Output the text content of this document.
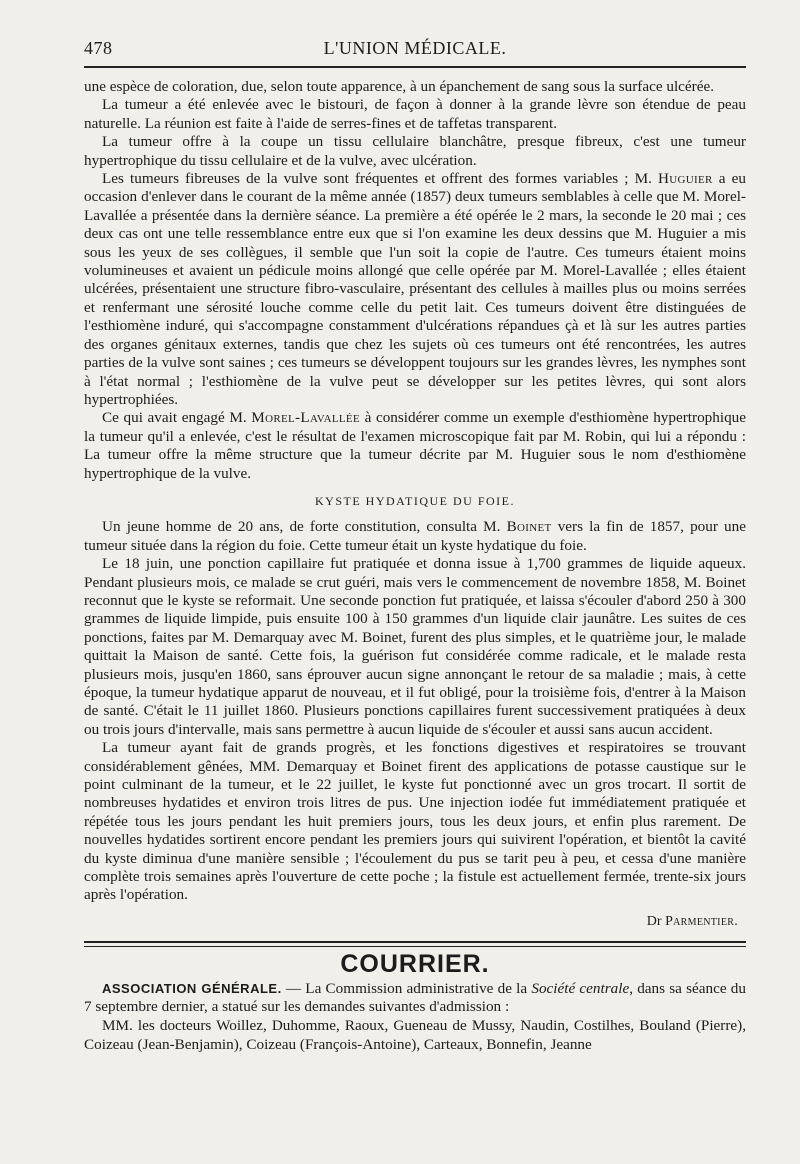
478	L'UNION MÉDICALE.

une espèce de coloration, due, selon toute apparence, à un épanchement de sang sous la surface ulcérée.

La tumeur a été enlevée avec le bistouri, de façon à donner à la grande lèvre son étendue de peau naturelle. La réunion est faite à l'aide de serres-fines et de taffetas transparent.

La tumeur offre à la coupe un tissu cellulaire blanchâtre, presque fibreux, c'est une tumeur hypertrophique du tissu cellulaire et de la vulve, avec ulcération.

Les tumeurs fibreuses de la vulve sont fréquentes et offrent des formes variables ; M. Huguier a eu occasion d'enlever dans le courant de la même année (1857) deux tumeurs semblables à celle que M. Morel-Lavallée a présentée dans la dernière séance. La première a été opérée le 2 mars, la seconde le 20 mai ; ces deux cas ont une telle ressemblance entre eux que si l'on examine les deux dessins que M. Huguier a mis sous les yeux de ses collègues, il semble que l'un soit la copie de l'autre. Ces tumeurs étaient moins volumineuses et avaient un pédicule moins allongé que celle opérée par M. Morel-Lavallée ; elles étaient ulcérées, présentaient une structure fibro-vasculaire, présentant des cellules à mailles plus ou moins serrées et renfermant une sérosité louche comme celle du petit lait. Ces tumeurs doivent être distinguées de l'esthiomène induré, qui s'accompagne constamment d'ulcérations répandues çà et là sur les autres parties des organes génitaux externes, tandis que chez les sujets où ces tumeurs ont été rencontrées, les autres parties de la vulve sont saines ; ces tumeurs se développent toujours sur les grandes lèvres, les nymphes sont à l'état normal ; l'esthiomène de la vulve peut se développer sur les petites lèvres, qui sont alors hypertrophiées.

Ce qui avait engagé M. Morel-Lavallée à considérer comme un exemple d'esthiomène hypertrophique la tumeur qu'il a enlevée, c'est le résultat de l'examen microscopique fait par M. Robin, qui lui a répondu : La tumeur offre la même structure que la tumeur décrite par M. Huguier sous le nom d'esthiomène hypertrophique de la vulve.

KYSTE HYDATIQUE DU FOIE.

Un jeune homme de 20 ans, de forte constitution, consulta M. Boinet vers la fin de 1857, pour une tumeur située dans la région du foie. Cette tumeur était un kyste hydatique du foie.

Le 18 juin, une ponction capillaire fut pratiquée et donna issue à 1,700 grammes de liquide aqueux. Pendant plusieurs mois, ce malade se crut guéri, mais vers le commencement de novembre 1858, M. Boinet reconnut que le kyste se reformait. Une seconde ponction fut pratiquée, et laissa s'écouler d'abord 250 à 300 grammes de liquide limpide, puis ensuite 100 à 150 grammes d'un liquide clair jaunâtre. Les suites de ces ponctions, faites par M. Demarquay avec M. Boinet, furent des plus simples, et le quatrième jour, le malade quittait la Maison de santé. Cette fois, la guérison fut considérée comme radicale, et le malade resta plusieurs mois, jusqu'en 1860, sans éprouver aucun signe annonçant le retour de sa maladie ; mais, à cette époque, la tumeur hydatique apparut de nouveau, et il fut obligé, pour la troisième fois, d'entrer à la Maison de santé. C'était le 11 juillet 1860. Plusieurs ponctions capillaires furent successivement pratiquées à deux ou trois jours d'intervalle, mais sans permettre à aucun liquide de s'écouler et aussi sans aucun accident.

La tumeur ayant fait de grands progrès, et les fonctions digestives et respiratoires se trouvant considérablement gênées, MM. Demarquay et Boinet firent des applications de potasse caustique sur le point culminant de la tumeur, et le 22 juillet, le kyste fut ponctionné avec un gros trocart. Il sortit de nombreuses hydatides et environ trois litres de pus. Une injection iodée fut immédiatement pratiquée et répétée tous les jours pendant les huit premiers jours, tous les deux jours, et enfin plus rarement. De nouvelles hydatides sortirent encore pendant les premiers jours qui suivirent l'opération, et bientôt la cavité du kyste diminua d'une manière sensible ; l'écoulement du pus se tarit peu à peu, et cessa d'une manière complète trois semaines après l'ouverture de cette poche ; la fistule est actuellement fermée, trente-six jours après l'opération.

Dr Parmentier.
COURRIER.

ASSOCIATION GÉNÉRALE. — La Commission administrative de la Société centrale, dans sa séance du 7 septembre dernier, a statué sur les demandes suivantes d'admission :

MM. les docteurs Woillez, Duhomme, Raoux, Gueneau de Mussy, Naudin, Costilhes, Bouland (Pierre), Coizeau (Jean-Benjamin), Coizeau (François-Antoine), Carteaux, Bonnefin, Jeanne
